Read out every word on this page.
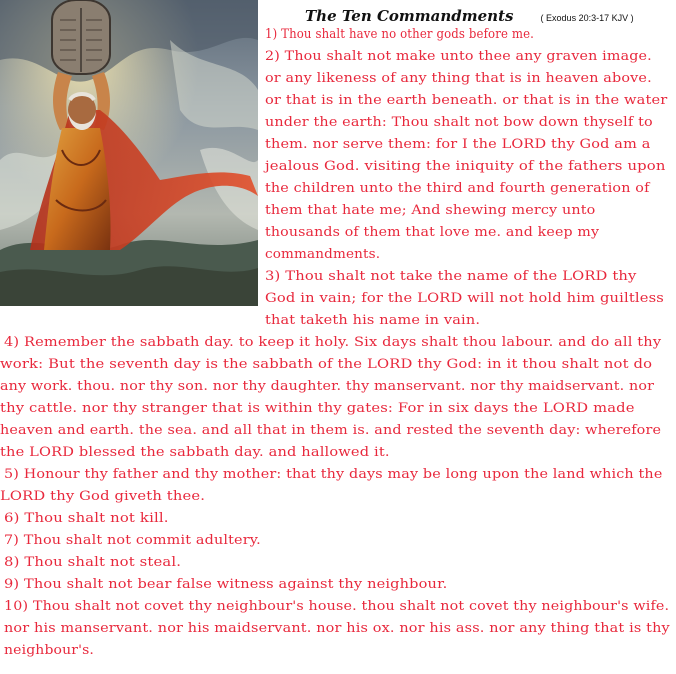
The Ten Commandments	( Exodus 20:3-17 KJV )
1) Thou shalt have no other gods before me.
2) Thou shalt not make unto thee any graven image.
or any likeness of any thing that is in heaven above.
or that is in the earth beneath. or that is in the water
under the earth: Thou shalt not bow down thyself to
them. nor serve them: for I the LORD thy God am a
jealous God. visiting the iniquity of the fathers upon
the children unto the third and fourth generation of
them that hate me; And shewing mercy unto
thousands of them that love me. and keep my
commandments.
3) Thou shalt not take the name of the LORD thy
God in vain; for the LORD will not hold him guiltless
that taketh his name in vain.
4) Remember the sabbath day. to keep it holy. Six days shalt thou labour. and do all thy
work: But the seventh day is the sabbath of the LORD thy God: in it thou shalt not do
any work. thou. nor thy son. nor thy daughter. thy manservant. nor thy maidservant. nor
thy cattle. nor thy stranger that is within thy gates: For in six days the LORD made
heaven and earth. the sea. and all that in them is. and rested the seventh day: wherefore
the LORD blessed the sabbath day. and hallowed it.
5) Honour thy father and thy mother: that thy days may be long upon the land which the
LORD thy God giveth thee.
6) Thou shalt not kill.
7) Thou shalt not commit adultery.
8) Thou shalt not steal.
9) Thou shalt not bear false witness against thy neighbour.
10) Thou shalt not covet thy neighbour's house. thou shalt not covet thy neighbour's wife.
nor his manservant. nor his maidservant. nor his ox. nor his ass. nor any thing that is thy
neighbour's.
